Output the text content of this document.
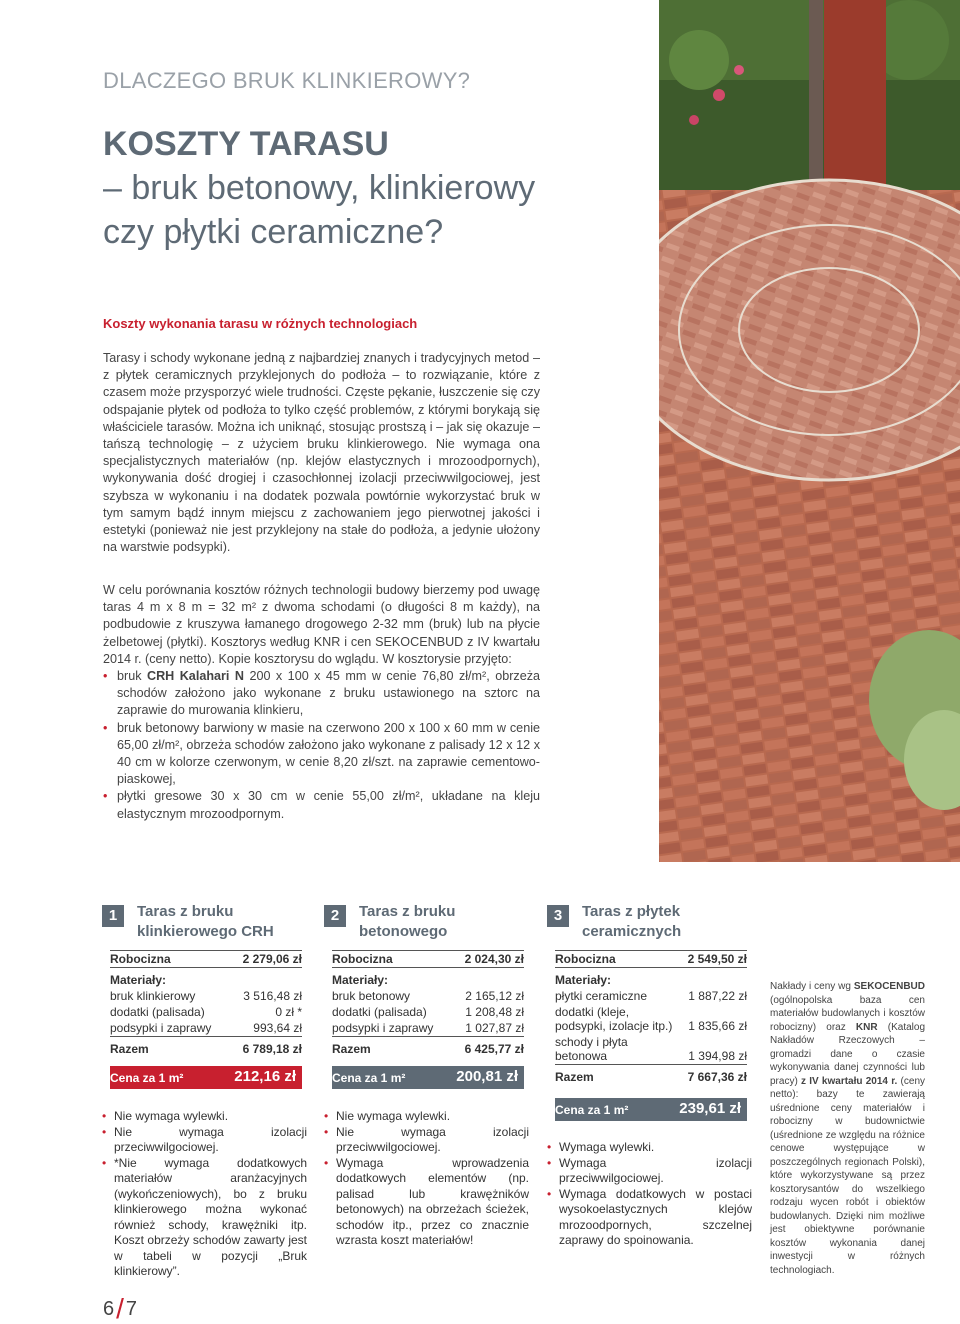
DLACZEGO BRUK KLINKIEROWY?
KOSZTY TARASU
– bruk betonowy, klinkierowy
czy płytki ceramiczne?
Koszty wykonania tarasu w różnych technologiach
Tarasy i schody wykonane jedną z najbardziej znanych i tradycyjnych metod – z płytek ceramicznych przyklejonych do podłoża – to rozwiązanie, które z czasem może przysporzyć wiele trudności. Częste pękanie, łuszczenie się czy odspajanie płytek od podłoża to tylko część problemów, z którymi borykają się właściciele tarasów. Można ich uniknąć, stosując prostszą i – jak się okazuje – tańszą technologię – z użyciem bruku klinkierowego. Nie wymaga ona specjalistycznych materiałów (np. klejów elastycznych i mrozoodpornych), wykonywania dość drogiej i czasochłonnej izolacji przeciwwilgociowej, jest szybsza w wykonaniu i na dodatek pozwala powtórnie wykorzystać bruk w tym samym bądź innym miejscu z zachowaniem jego pierwotnej jakości i estetyki (ponieważ nie jest przyklejony na stałe do podłoża, a jedynie ułożony na warstwie podsypki).
W celu porównania kosztów różnych technologii budowy bierzemy pod uwagę taras 4 m x 8 m = 32 m² z dwoma schodami (o długości 8 m każdy), na podbudowie z kruszywa łamanego drogowego 2-32 mm (bruk) lub na płycie żelbetowej (płytki). Kosztorys według KNR i cen SEKOCENBUD z IV kwartału 2014 r. (ceny netto). Kopie kosztorysu do wglądu. W kosztorysie przyjęto:
• bruk CRH Kalahari N 200 x 100 x 45 mm w cenie 76,80 zł/m², obrzeża schodów założono jako wykonane z bruku ustawionego na sztorc na zaprawie do murowania klinkieru,
• bruk betonowy barwiony w masie na czerwono 200 x 100 x 60 mm w cenie 65,00 zł/m², obrzeża schodów założono jako wykonane z palisady 12 x 12 x 40 cm w kolorze czerwonym, w cenie 8,20 zł/szt. na zaprawie cementowo-piaskowej,
• płytki gresowe 30 x 30 cm w cenie 55,00 zł/m², układane na kleju elastycznym mrozoodpornym.
1	Taras z bruku
klinkierowego CRH
Robocizna	2 279,06 zł
Materiały:	
bruk klinkierowy	3 516,48 zł
dodatki (palisada)	0 zł *
podsypki i zaprawy	993,64 zł
Razem	6 789,18 zł
Cena za 1 m²	212,16 zł
• Nie wymaga wylewki.
• Nie wymaga izolacji przeciwwilgociowej.
• *Nie wymaga dodatkowych materiałów aranżacyjnych (wykończeniowych), bo z bruku klinkierowego można wykonać również schody, krawężniki itp. Koszt obrzeży schodów zawarty jest w tabeli w pozycji „Bruk klinkierowy”.
2	Taras z bruku
betonowego
Robocizna	2 024,30 zł
Materiały:	
bruk betonowy	2 165,12 zł
dodatki (palisada)	1 208,48 zł
podsypki i zaprawy	1 027,87 zł
Razem	6 425,77 zł
Cena za 1 m²	200,81 zł
• Nie wymaga wylewki.
• Nie wymaga izolacji przeciwwilgociowej.
• Wymaga wprowadzenia dodatkowych elementów (np. palisad lub krawężników betonowych) na obrzeżach ścieżek, schodów itp., przez co znacznie wzrasta koszt materiałów!
3	Taras z płytek
ceramicznych
Robocizna	2 549,50 zł
Materiały:	
płytki ceramiczne	1 887,22 zł
dodatki (kleje, podsypki, izolacje itp.)	1 835,66 zł
schody i płyta betonowa	1 394,98 zł
Razem	7 667,36 zł
Cena za 1 m²	239,61 zł
• Wymaga wylewki.
• Wymaga izolacji przeciwwilgociowej.
• Wymaga dodatkowych w postaci wysokoelastycznych klejów mrozoodpornych, szczelnej zaprawy do spoinowania.
Nakłady i ceny wg SEKOCENBUD (ogólnopolska baza cen materiałów budowlanych i kosztów robocizny) oraz KNR (Katalog Nakładów Rzeczowych – gromadzi dane o czasie wykonywania danej czynności lub pracy) z IV kwartału 2014 r. (ceny netto): bazy te zawierają uśrednione ceny materiałów i robocizny w budownictwie (uśrednione ze względu na różnice cenowe występujące w poszczególnych regionach Polski), które wykorzystywane są przez kosztorysantów do wszelkiego rodzaju wycen robót i obiektów budowlanych. Dzięki nim możliwe jest obiektywne porównanie kosztów wykonania danej inwestycji w różnych technologiach.
6/ 7
